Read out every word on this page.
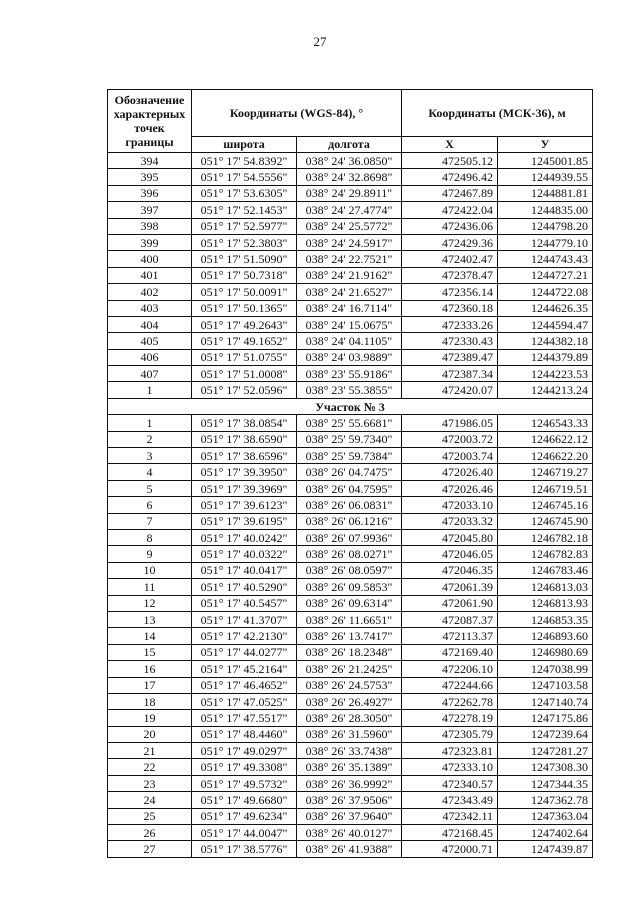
27
Обозначение характерных точек границы	Координаты (WGS-84), °		Координаты (МСК-36), м	
	широта	долгота	X	У
394	051° 17' 54.8392"	038° 24' 36.0850"	472505.12	1245001.85
395	051° 17' 54.5556"	038° 24' 32.8698"	472496.42	1244939.55
396	051° 17' 53.6305"	038° 24' 29.8911"	472467.89	1244881.81
397	051° 17' 52.1453"	038° 24' 27.4774"	472422.04	1244835.00
398	051° 17' 52.5977"	038° 24' 25.5772"	472436.06	1244798.20
399	051° 17' 52.3803"	038° 24' 24.5917"	472429.36	1244779.10
400	051° 17' 51.5090"	038° 24' 22.7521"	472402.47	1244743.43
401	051° 17' 50.7318"	038° 24' 21.9162"	472378.47	1244727.21
402	051° 17' 50.0091"	038° 24' 21.6527"	472356.14	1244722.08
403	051° 17' 50.1365"	038° 24' 16.7114"	472360.18	1244626.35
404	051° 17' 49.2643"	038° 24' 15.0675"	472333.26	1244594.47
405	051° 17' 49.1652"	038° 24' 04.1105"	472330.43	1244382.18
406	051° 17' 51.0755"	038° 24' 03.9889"	472389.47	1244379.89
407	051° 17' 51.0008"	038° 23' 55.9186"	472387.34	1244223.53
1	051° 17' 52.0596"	038° 23' 55.3855"	472420.07	1244213.24
Участок № 3				
1	051° 17' 38.0854"	038° 25' 55.6681"	471986.05	1246543.33
2	051° 17' 38.6590"	038° 25' 59.7340"	472003.72	1246622.12
3	051° 17' 38.6596"	038° 25' 59.7384"	472003.74	1246622.20
4	051° 17' 39.3950"	038° 26' 04.7475"	472026.40	1246719.27
5	051° 17' 39.3969"	038° 26' 04.7595"	472026.46	1246719.51
6	051° 17' 39.6123"	038° 26' 06.0831"	472033.10	1246745.16
7	051° 17' 39.6195"	038° 26' 06.1216"	472033.32	1246745.90
8	051° 17' 40.0242"	038° 26' 07.9936"	472045.80	1246782.18
9	051° 17' 40.0322"	038° 26' 08.0271"	472046.05	1246782.83
10	051° 17' 40.0417"	038° 26' 08.0597"	472046.35	1246783.46
11	051° 17' 40.5290"	038° 26' 09.5853"	472061.39	1246813.03
12	051° 17' 40.5457"	038° 26' 09.6314"	472061.90	1246813.93
13	051° 17' 41.3707"	038° 26' 11.6651"	472087.37	1246853.35
14	051° 17' 42.2130"	038° 26' 13.7417"	472113.37	1246893.60
15	051° 17' 44.0277"	038° 26' 18.2348"	472169.40	1246980.69
16	051° 17' 45.2164"	038° 26' 21.2425"	472206.10	1247038.99
17	051° 17' 46.4652"	038° 26' 24.5753"	472244.66	1247103.58
18	051° 17' 47.0525"	038° 26' 26.4927"	472262.78	1247140.74
19	051° 17' 47.5517"	038° 26' 28.3050"	472278.19	1247175.86
20	051° 17' 48.4460"	038° 26' 31.5960"	472305.79	1247239.64
21	051° 17' 49.0297"	038° 26' 33.7438"	472323.81	1247281.27
22	051° 17' 49.3308"	038° 26' 35.1389"	472333.10	1247308.30
23	051° 17' 49.5732"	038° 26' 36.9992"	472340.57	1247344.35
24	051° 17' 49.6680"	038° 26' 37.9506"	472343.49	1247362.78
25	051° 17' 49.6234"	038° 26' 37.9640"	472342.11	1247363.04
26	051° 17' 44.0047"	038° 26' 40.0127"	472168.45	1247402.64
27	051° 17' 38.5776"	038° 26' 41.9388"	472000.71	1247439.87
